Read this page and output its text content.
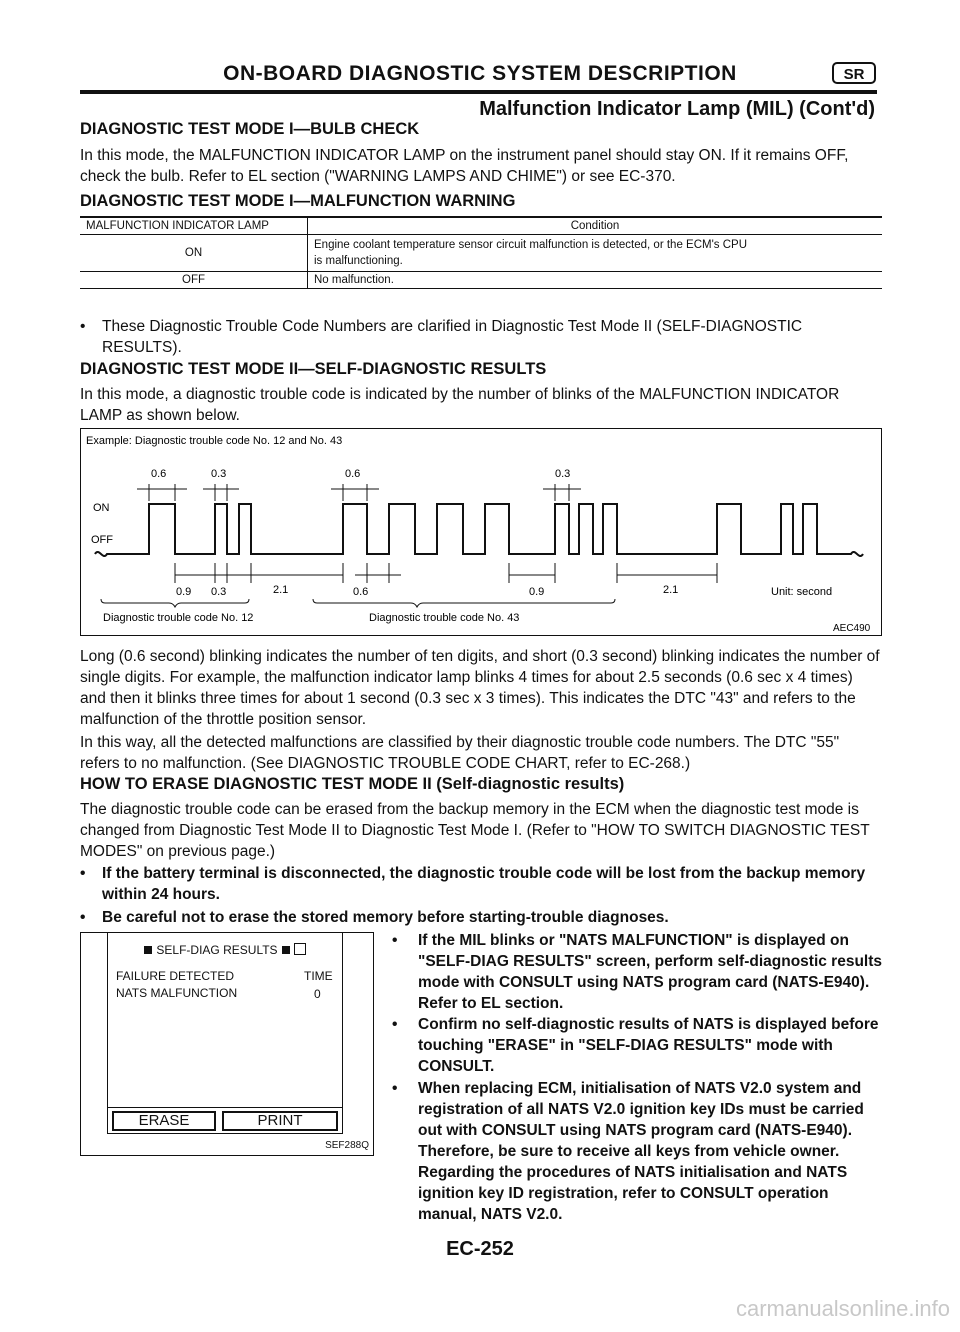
ON-BOARD DIAGNOSTIC SYSTEM DESCRIPTION	SR
Malfunction Indicator Lamp (MIL) (Cont'd)
DIAGNOSTIC TEST MODE I—BULB CHECK
In this mode, the MALFUNCTION INDICATOR LAMP on the instrument panel should stay ON. If it remains OFF, check the bulb. Refer to EL section ("WARNING LAMPS AND CHIME") or see EC-370.
DIAGNOSTIC TEST MODE I—MALFUNCTION WARNING
MALFUNCTION INDICATOR LAMP	Condition
ON	Engine coolant temperature sensor circuit malfunction is detected, or the ECM's CPU
is malfunctioning.
OFF	No malfunction.
•	These Diagnostic Trouble Code Numbers are clarified in Diagnostic Test Mode II (SELF-DIAGNOSTIC RESULTS).
DIAGNOSTIC TEST MODE II—SELF-DIAGNOSTIC RESULTS
In this mode, a diagnostic trouble code is indicated by the number of blinks of the MALFUNCTION INDICATOR LAMP as shown below.
Example: Diagnostic trouble code No. 12 and No. 43
ON
OFF
0.6	0.3	0.6	0.3
0.9 0.3	2.1	0.6	0.9	2.1	Unit: second
Diagnostic trouble code No. 12	Diagnostic trouble code No. 43
AEC490
Long (0.6 second) blinking indicates the number of ten digits, and short (0.3 second) blinking indicates the number of single digits. For example, the malfunction indicator lamp blinks 4 times for about 2.5 seconds (0.6 sec x 4 times) and then it blinks three times for about 1 second (0.3 sec x 3 times). This indicates the DTC "43" and refers to the malfunction of the throttle position sensor.
In this way, all the detected malfunctions are classified by their diagnostic trouble code numbers. The DTC "55" refers to no malfunction. (See DIAGNOSTIC TROUBLE CODE CHART, refer to EC-268.)
HOW TO ERASE DIAGNOSTIC TEST MODE II (Self-diagnostic results)
The diagnostic trouble code can be erased from the backup memory in the ECM when the diagnostic test mode is changed from Diagnostic Test Mode II to Diagnostic Test Mode I. (Refer to "HOW TO SWITCH DIAGNOSTIC TEST MODES" on previous page.)
•	If the battery terminal is disconnected, the diagnostic trouble code will be lost from the backup memory within 24 hours.
•	Be careful not to erase the stored memory before starting-trouble diagnoses.
SELF-DIAG RESULTS
FAILURE DETECTED	TIME
NATS MALFUNCTION	0
ERASE	PRINT
SEF288Q
•	If the MIL blinks or "NATS MALFUNCTION" is displayed on "SELF-DIAG RESULTS" screen, perform self-diagnostic results mode with CONSULT using NATS program card (NATS-E940). Refer to EL section.
•	Confirm no self-diagnostic results of NATS is displayed before touching "ERASE" in "SELF-DIAG RESULTS" mode with CONSULT.
•	When replacing ECM, initialisation of NATS V2.0 system and registration of all NATS V2.0 ignition key IDs must be carried out with CONSULT using NATS program card (NATS-E940).
Therefore, be sure to receive all keys from vehicle owner.
Regarding the procedures of NATS initialisation and NATS ignition key ID registration, refer to CONSULT operation manual, NATS V2.0.
EC-252
carmanualsonline.info
